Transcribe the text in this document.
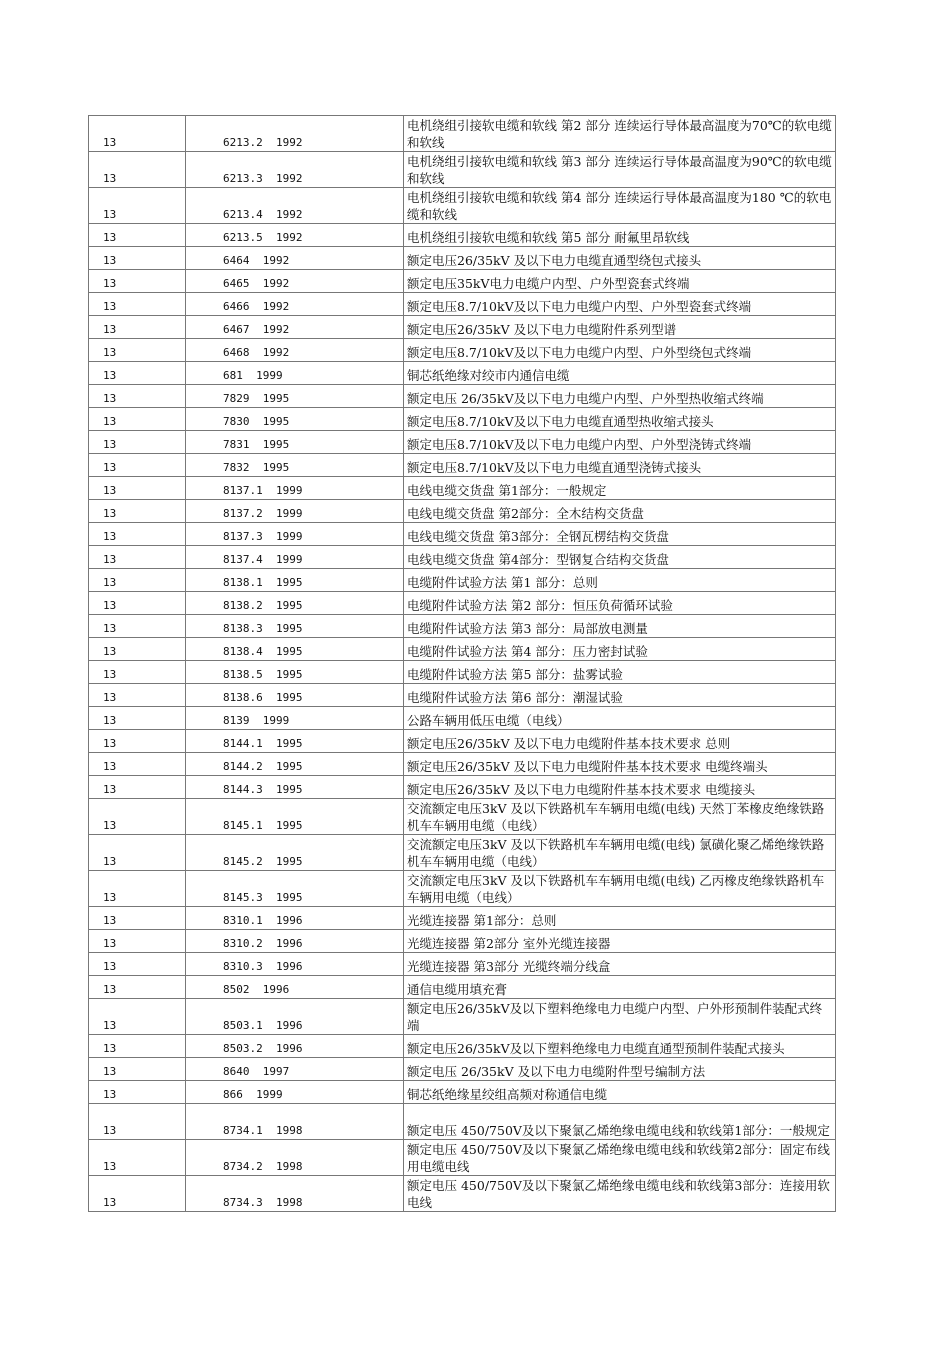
13	6213.2  1992	电机绕组引接软电缆和软线 第2 部分 连续运行导体最高温度为70℃的软电缆和软线
13	6213.3  1992	电机绕组引接软电缆和软线 第3 部分 连续运行导体最高温度为90℃的软电缆和软线
13	6213.4  1992	电机绕组引接软电缆和软线 第4 部分 连续运行导体最高温度为180 ℃的软电缆和软线
13	6213.5  1992	电机绕组引接软电缆和软线 第5 部分 耐氟里昂软线
13	6464  1992	额定电压26/35kV 及以下电力电缆直通型绕包式接头
13	6465  1992	额定电压35kV电力电缆户内型、户外型瓷套式终端
13	6466  1992	额定电压8.7/10kV及以下电力电缆户内型、户外型瓷套式终端
13	6467  1992	额定电压26/35kV 及以下电力电缆附件系列型谱
13	6468  1992	额定电压8.7/10kV及以下电力电缆户内型、户外型绕包式终端
13	681  1999	铜芯纸绝缘对绞市内通信电缆
13	7829  1995	额定电压 26/35kV及以下电力电缆户内型、户外型热收缩式终端
13	7830  1995	额定电压8.7/10kV及以下电力电缆直通型热收缩式接头
13	7831  1995	额定电压8.7/10kV及以下电力电缆户内型、户外型浇铸式终端
13	7832  1995	额定电压8.7/10kV及以下电力电缆直通型浇铸式接头
13	8137.1  1999	电线电缆交货盘 第1部分：一般规定
13	8137.2  1999	电线电缆交货盘 第2部分：全木结构交货盘
13	8137.3  1999	电线电缆交货盘 第3部分：全钢瓦楞结构交货盘
13	8137.4  1999	电线电缆交货盘 第4部分：型钢复合结构交货盘
13	8138.1  1995	电缆附件试验方法 第1 部分：总则
13	8138.2  1995	电缆附件试验方法 第2 部分：恒压负荷循环试验
13	8138.3  1995	电缆附件试验方法 第3 部分：局部放电测量
13	8138.4  1995	电缆附件试验方法 第4 部分：压力密封试验
13	8138.5  1995	电缆附件试验方法 第5 部分：盐雾试验
13	8138.6  1995	电缆附件试验方法 第6 部分：潮湿试验
13	8139  1999	公路车辆用低压电缆（电线）
13	8144.1  1995	额定电压26/35kV 及以下电力电缆附件基本技术要求 总则
13	8144.2  1995	额定电压26/35kV 及以下电力电缆附件基本技术要求 电缆终端头
13	8144.3  1995	额定电压26/35kV 及以下电力电缆附件基本技术要求 电缆接头
13	8145.1  1995	交流额定电压3kV 及以下铁路机车车辆用电缆(电线) 天然丁苯橡皮绝缘铁路机车车辆用电缆（电线）
13	8145.2  1995	交流额定电压3kV 及以下铁路机车车辆用电缆(电线) 氯磺化聚乙烯绝缘铁路机车车辆用电缆（电线）
13	8145.3  1995	交流额定电压3kV 及以下铁路机车车辆用电缆(电线) 乙丙橡皮绝缘铁路机车车辆用电缆（电线）
13	8310.1  1996	光缆连接器 第1部分：总则
13	8310.2  1996	光缆连接器 第2部分 室外光缆连接器
13	8310.3  1996	光缆连接器 第3部分 光缆终端分线盒
13	8502  1996	通信电缆用填充膏
13	8503.1  1996	额定电压26/35kV及以下塑料绝缘电力电缆户内型、户外形预制件装配式终端
13	8503.2  1996	额定电压26/35kV及以下塑料绝缘电力电缆直通型预制件装配式接头
13	8640  1997	额定电压 26/35kV 及以下电力电缆附件型号编制方法
13	866  1999	铜芯纸绝缘星绞组高频对称通信电缆
13	8734.1  1998	额定电压 450/750V及以下聚氯乙烯绝缘电缆电线和软线第1部分：一般规定
13	8734.2  1998	额定电压 450/750V及以下聚氯乙烯绝缘电缆电线和软线第2部分：固定布线用电缆电线
13	8734.3  1998	额定电压 450/750V及以下聚氯乙烯绝缘电缆电线和软线第3部分：连接用软电线
